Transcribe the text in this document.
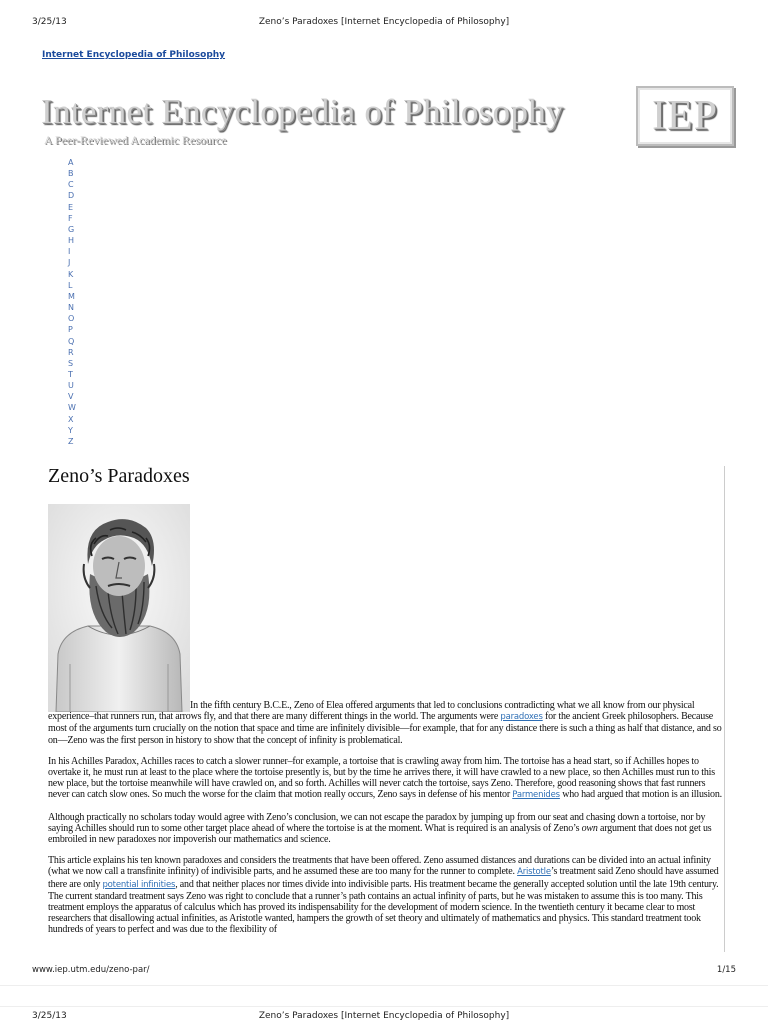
3/25/13	Zeno’s Paradoxes [Internet Encyclopedia of Philosophy]
Internet Encyclopedia of Philosophy
Internet Encyclopedia of Philosophy
A Peer-Reviewed Academic Resource
IEP
A
B
C
D
E
F
G
H
I
J
K
L
M
N
O
P
Q
R
S
T
U
V
W
X
Y
Z
Zeno’s Paradoxes

In the fifth century B.C.E., Zeno of Elea offered arguments that led to conclusions contradicting what we all know from our physical experience–that runners run, that arrows fly, and that there are many different things in the world. The arguments were paradoxes for the ancient Greek philosophers. Because most of the arguments turn crucially on the notion that space and time are infinitely divisible—for example, that for any distance there is such a thing as half that distance, and so on—Zeno was the first person in history to show that the concept of infinity is problematical.

In his Achilles Paradox, Achilles races to catch a slower runner–for example, a tortoise that is crawling away from him. The tortoise has a head start, so if Achilles hopes to overtake it, he must run at least to the place where the tortoise presently is, but by the time he arrives there, it will have crawled to a new place, so then Achilles must run to this new place, but the tortoise meanwhile will have crawled on, and so forth. Achilles will never catch the tortoise, says Zeno. Therefore, good reasoning shows that fast runners never can catch slow ones. So much the worse for the claim that motion really occurs, Zeno says in defense of his mentor Parmenides who had argued that motion is an illusion.

Although practically no scholars today would agree with Zeno’s conclusion, we can not escape the paradox by jumping up from our seat and chasing down a tortoise, nor by saying Achilles should run to some other target place ahead of where the tortoise is at the moment. What is required is an analysis of Zeno’s own argument that does not get us embroiled in new paradoxes nor impoverish our mathematics and science.

This article explains his ten known paradoxes and considers the treatments that have been offered. Zeno assumed distances and durations can be divided into an actual infinity (what we now call a transfinite infinity) of indivisible parts, and he assumed these are too many for the runner to complete. Aristotle’s treatment said Zeno should have assumed there are only potential infinities, and that neither places nor times divide into indivisible parts. His treatment became the generally accepted solution until the late 19th century. The current standard treatment says Zeno was right to conclude that a runner’s path contains an actual infinity of parts, but he was mistaken to assume this is too many. This treatment employs the apparatus of calculus which has proved its indispensability for the development of modern science. In the twentieth century it became clear to most researchers that disallowing actual infinities, as Aristotle wanted, hampers the growth of set theory and ultimately of mathematics and physics. This standard treatment took hundreds of years to perfect and was due to the flexibility of

www.iep.utm.edu/zeno-par/	1/15
3/25/13	Zeno’s Paradoxes [Internet Encyclopedia of Philosophy]
